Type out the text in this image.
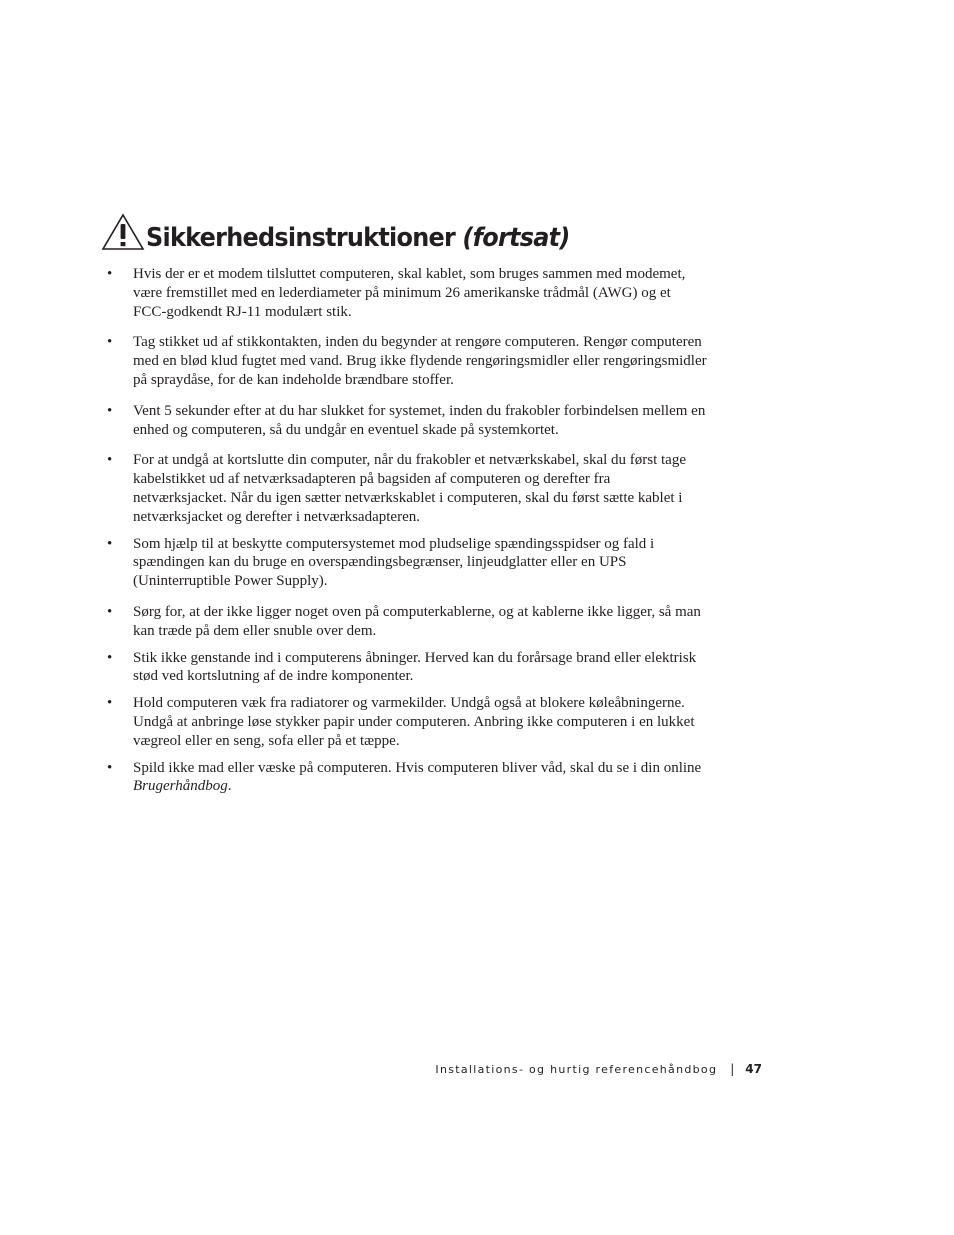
Sikkerhedsinstruktioner (fortsat)
•	Hvis der er et modem tilsluttet computeren, skal kablet, som bruges sammen med modemet, være fremstillet med en lederdiameter på minimum 26 amerikanske trådmål (AWG) og et FCC-godkendt RJ-11 modulært stik.
•	Tag stikket ud af stikkontakten, inden du begynder at rengøre computeren. Rengør computeren med en blød klud fugtet med vand. Brug ikke flydende rengøringsmidler eller rengøringsmidler på spraydåse, for de kan indeholde brændbare stoffer.
•	Vent 5 sekunder efter at du har slukket for systemet, inden du frakobler forbindelsen mellem en enhed og computeren, så du undgår en eventuel skade på systemkortet.
•	For at undgå at kortslutte din computer, når du frakobler et netværkskabel, skal du først tage kabelstikket ud af netværksadapteren på bagsiden af computeren og derefter fra netværksjacket. Når du igen sætter netværkskablet i computeren, skal du først sætte kablet i netværksjacket og derefter i netværksadapteren.
•	Som hjælp til at beskytte computersystemet mod pludselige spændingsspidser og fald i spændingen kan du bruge en overspændingsbegrænser, linjeudglatter eller en UPS (Uninterruptible Power Supply).
•	Sørg for, at der ikke ligger noget oven på computerkablerne, og at kablerne ikke ligger, så man kan træde på dem eller snuble over dem.
•	Stik ikke genstande ind i computerens åbninger. Herved kan du forårsage brand eller elektrisk stød ved kortslutning af de indre komponenter.
•	Hold computeren væk fra radiatorer og varmekilder. Undgå også at blokere køleåbningerne. Undgå at anbringe løse stykker papir under computeren. Anbring ikke computeren i en lukket vægreol eller en seng, sofa eller på et tæppe.
•	Spild ikke mad eller væske på computeren. Hvis computeren bliver våd, skal du se i din online Brugerhåndbog.
Installations- og hurtig referencehåndbog | 47
